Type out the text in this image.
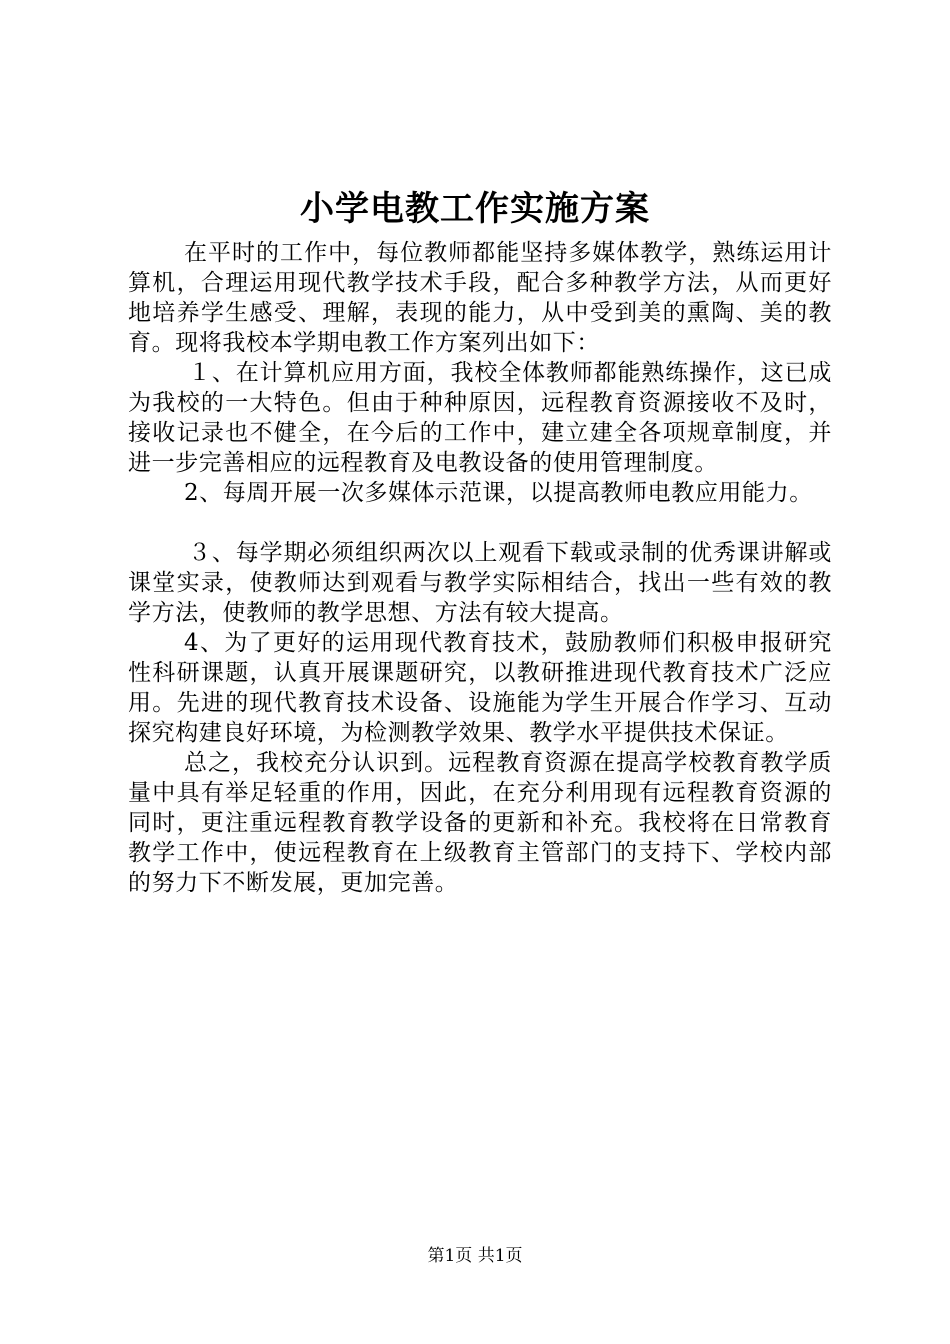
小学电教工作实施方案

在平时的工作中，每位教师都能坚持多媒体教学，熟练运用计算机，合理运用现代教学技术手段，配合多种教学方法，从而更好地培养学生感受、理解，表现的能力，从中受到美的熏陶、美的教育。现将我校本学期电教工作方案列出如下：

１、在计算机应用方面，我校全体教师都能熟练操作，这已成为我校的一大特色。但由于种种原因，远程教育资源接收不及时，接收记录也不健全，在今后的工作中，建立建全各项规章制度，并进一步完善相应的远程教育及电教设备的使用管理制度。

2、每周开展一次多媒体示范课，以提高教师电教应用能力。

３、每学期必须组织两次以上观看下载或录制的优秀课讲解或课堂实录，使教师达到观看与教学实际相结合，找出一些有效的教学方法，使教师的教学思想、方法有较大提高。

4、为了更好的运用现代教育技术，鼓励教师们积极申报研究性科研课题，认真开展课题研究，以教研推进现代教育技术广泛应用。先进的现代教育技术设备、设施能为学生开展合作学习、互动探究构建良好环境，为检测教学效果、教学水平提供技术保证。

总之，我校充分认识到。远程教育资源在提高学校教育教学质量中具有举足轻重的作用，因此，在充分利用现有远程教育资源的同时，更注重远程教育教学设备的更新和补充。我校将在日常教育教学工作中，使远程教育在上级教育主管部门的支持下、学校内部的努力下不断发展，更加完善。

第1页 共1页
